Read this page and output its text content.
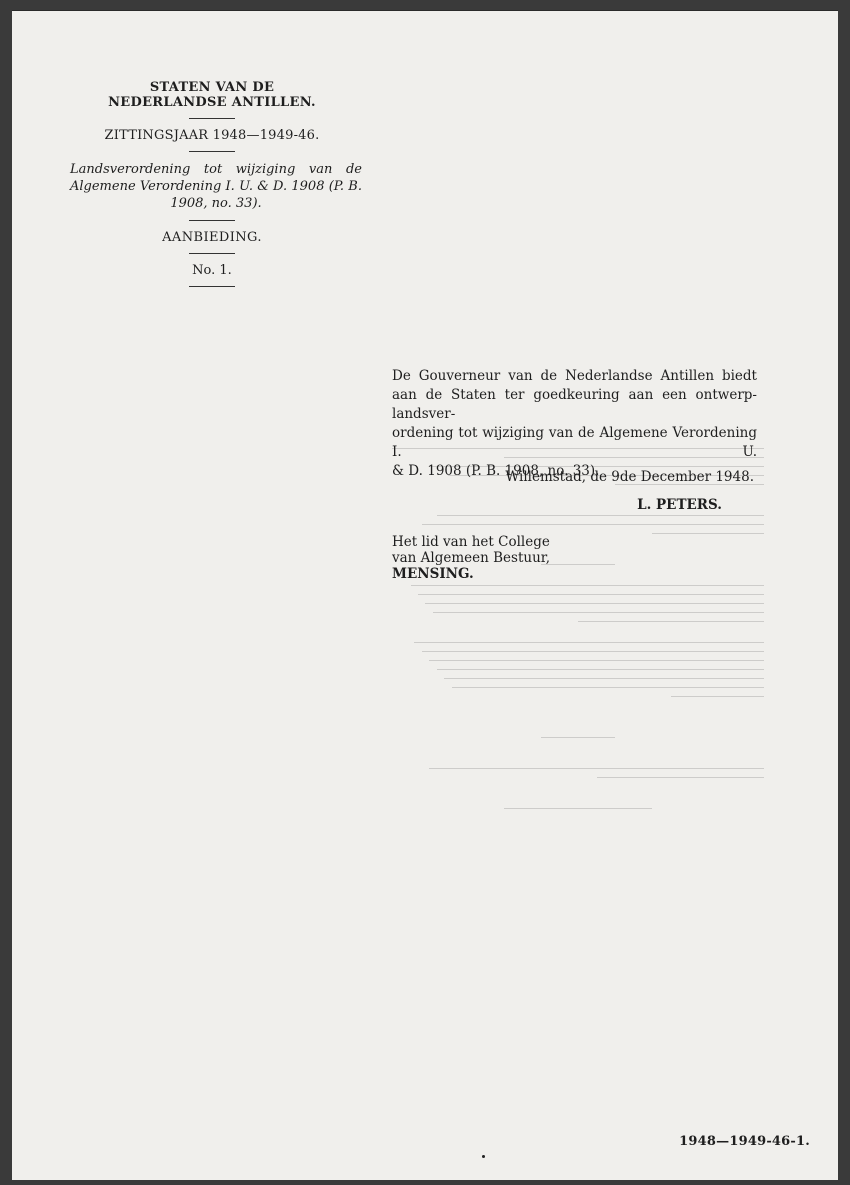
STATEN VAN DE
NEDERLANDSE ANTILLEN.
ZITTINGSJAAR 1948—1949-46.
Landsverordening tot wijziging van de Algemene Verordening I. U. & D. 1908 (P. B. 1908, no. 33).
AANBIEDING.
No. 1.
De Gouverneur van de Nederlandse Antillen biedt
aan de Staten ter goedkeuring aan een ontwerp-landsver-
ordening tot wijziging van de Algemene Verordening I. U.
& D. 1908 (P. B. 1908, no. 33).
Willemstad, de 9de December 1948.
L. PETERS.
Het lid van het College
van Algemeen Bestuur,
MENSING.
1948—1949-46-1.
